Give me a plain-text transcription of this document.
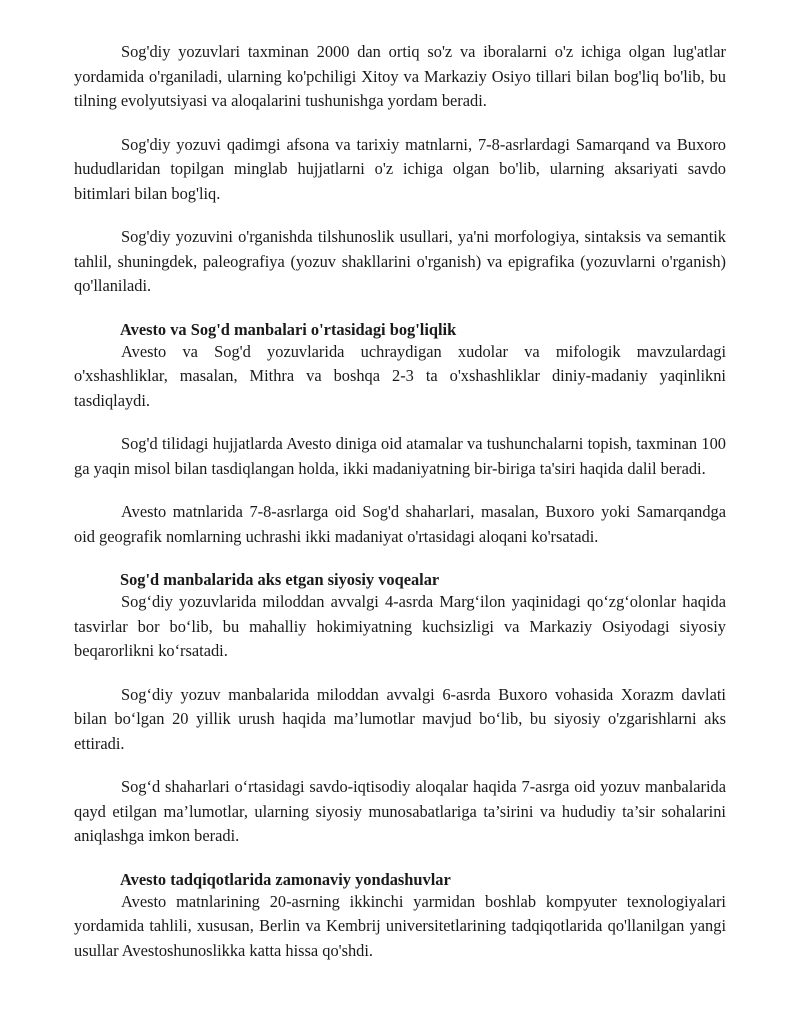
Sog'diy yozuvlari taxminan 2000 dan ortiq so'z va iboralarni o'z ichiga olgan lug'atlar yordamida o'rganiladi, ularning ko'pchiligi Xitoy va Markaziy Osiyo tillari bilan bog'liq bo'lib, bu tilning evolyutsiyasi va aloqalarini tushunishga yordam beradi.

Sog'diy yozuvi qadimgi afsona va tarixiy matnlarni, 7-8-asrlardagi Samarqand va Buxoro hududlaridan topilgan minglab hujjatlarni o'z ichiga olgan bo'lib, ularning aksariyati savdo bitimlari bilan bog'liq.

Sog'diy yozuvini o'rganishda tilshunoslik usullari, ya'ni morfologiya, sintaksis va semantik tahlil, shuningdek, paleografiya (yozuv shakllarini o'rganish) va epigrafika (yozuvlarni o'rganish) qo'llaniladi.

Avesto va Sog'd manbalari o'rtasidagi bog'liqlik

Avesto va Sog'd yozuvlarida uchraydigan xudolar va mifologik mavzulardagi o'xshashliklar, masalan, Mithra va boshqa 2-3 ta o'xshashliklar diniy-madaniy yaqinlikni tasdiqlaydi.

Sog'd tilidagi hujjatlarda Avesto diniga oid atamalar va tushunchalarni topish, taxminan 100 ga yaqin misol bilan tasdiqlangan holda, ikki madaniyatning bir-biriga ta'siri haqida dalil beradi.

Avesto matnlarida 7-8-asrlarga oid Sog'd shaharlari, masalan, Buxoro yoki Samarqandga oid geografik nomlarning uchrashi ikki madaniyat o'rtasidagi aloqani ko'rsatadi.

Sog'd manbalarida aks etgan siyosiy voqealar

Sog‘diy yozuvlarida miloddan avvalgi 4-asrda Marg‘ilon yaqinidagi qo‘zg‘olonlar haqida tasvirlar bor bo‘lib, bu mahalliy hokimiyatning kuchsizligi va Markaziy Osiyodagi siyosiy beqarorlikni ko‘rsatadi.

Sog‘diy yozuv manbalarida miloddan avvalgi 6-asrda Buxoro vohasida Xorazm davlati bilan bo‘lgan 20 yillik urush haqida ma’lumotlar mavjud bo‘lib, bu siyosiy o'zgarishlarni aks ettiradi.

Sog‘d shaharlari o‘rtasidagi savdo-iqtisodiy aloqalar haqida 7-asrga oid yozuv manbalarida qayd etilgan ma’lumotlar, ularning siyosiy munosabatlariga ta’sirini va hududiy ta’sir sohalarini aniqlashga imkon beradi.

Avesto tadqiqotlarida zamonaviy yondashuvlar

Avesto matnlarining 20-asrning ikkinchi yarmidan boshlab kompyuter texnologiyalari yordamida tahlili, xususan, Berlin va Kembrij universitetlarining tadqiqotlarida qo'llanilgan yangi usullar Avestoshunoslikka katta hissa qo'shdi.
